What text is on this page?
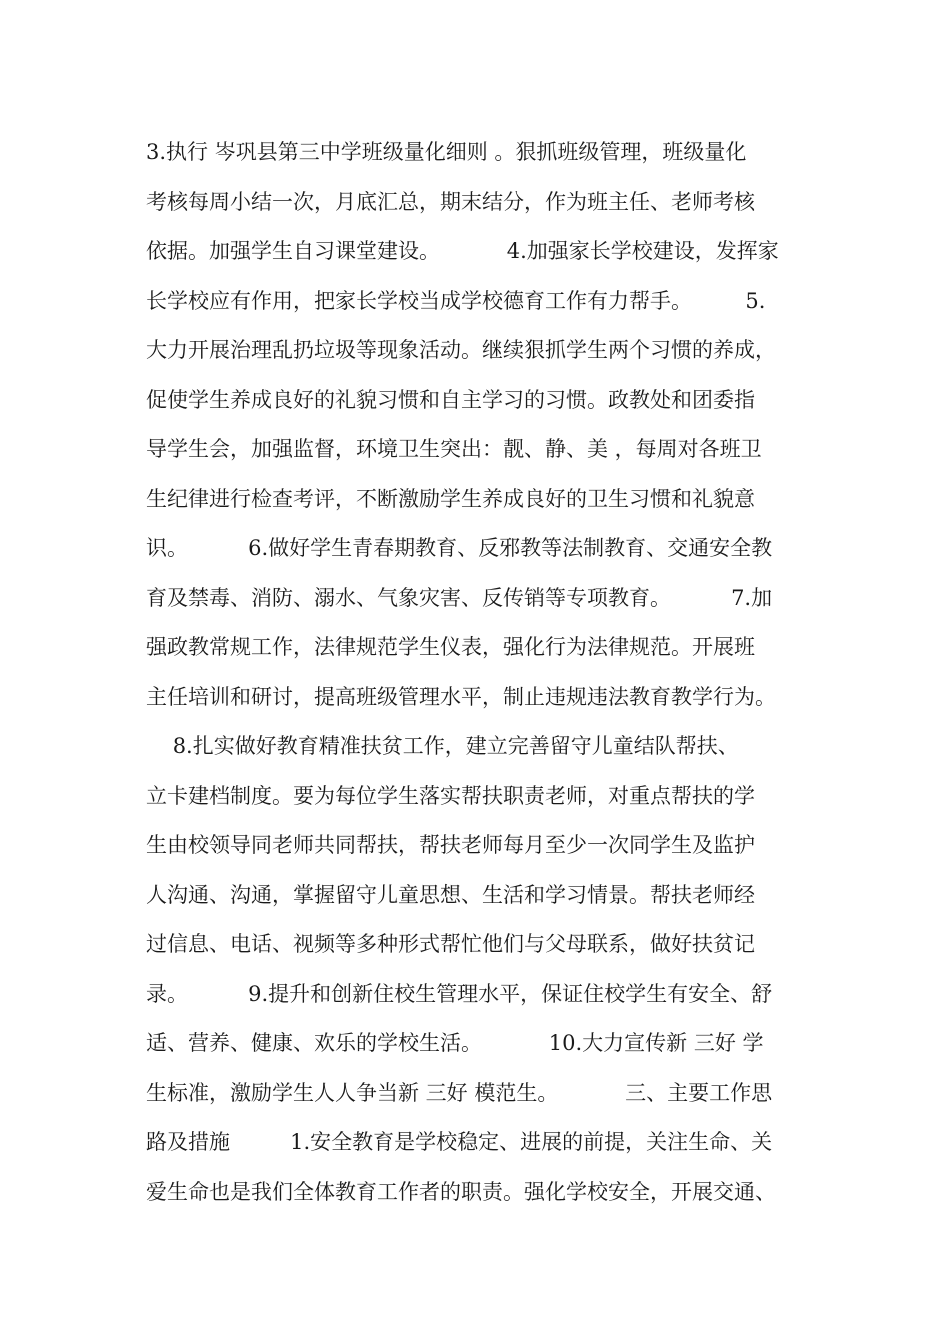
3.执行 岑巩县第三中学班级量化细则 。狠抓班级管理，班级量化
考核每周小结一次，月底汇总，期末结分，作为班主任、老师考核
依据。加强学生自习课堂建设。          4.加强家长学校建设，发挥家
长学校应有作用，把家长学校当成学校德育工作有力帮手。        5.
大力开展治理乱扔垃圾等现象活动。继续狠抓学生两个习惯的养成，
促使学生养成良好的礼貌习惯和自主学习的习惯。政教处和团委指
导学生会，加强监督，环境卫生突出：靓、静、美 ，每周对各班卫
生纪律进行检查考评，不断激励学生养成良好的卫生习惯和礼貌意
识。         6.做好学生青春期教育、反邪教等法制教育、交通安全教
育及禁毒、消防、溺水、气象灾害、反传销等专项教育。         7.加
强政教常规工作，法律规范学生仪表，强化行为法律规范。开展班
主任培训和研讨，提高班级管理水平，制止违规违法教育教学行为。
8.扎实做好教育精准扶贫工作，建立完善留守儿童结队帮扶、
立卡建档制度。要为每位学生落实帮扶职责老师，对重点帮扶的学
生由校领导同老师共同帮扶，帮扶老师每月至少一次同学生及监护
人沟通、沟通，掌握留守儿童思想、生活和学习情景。帮扶老师经
过信息、电话、视频等多种形式帮忙他们与父母联系，做好扶贫记
录。         9.提升和创新住校生管理水平，保证住校学生有安全、舒
适、营养、健康、欢乐的学校生活。          10.大力宣传新 三好 学
生标准，激励学生人人争当新 三好 模范生。          三、主要工作思
路及措施         1.安全教育是学校稳定、进展的前提，关注生命、关
爱生命也是我们全体教育工作者的职责。强化学校安全，开展交通、
